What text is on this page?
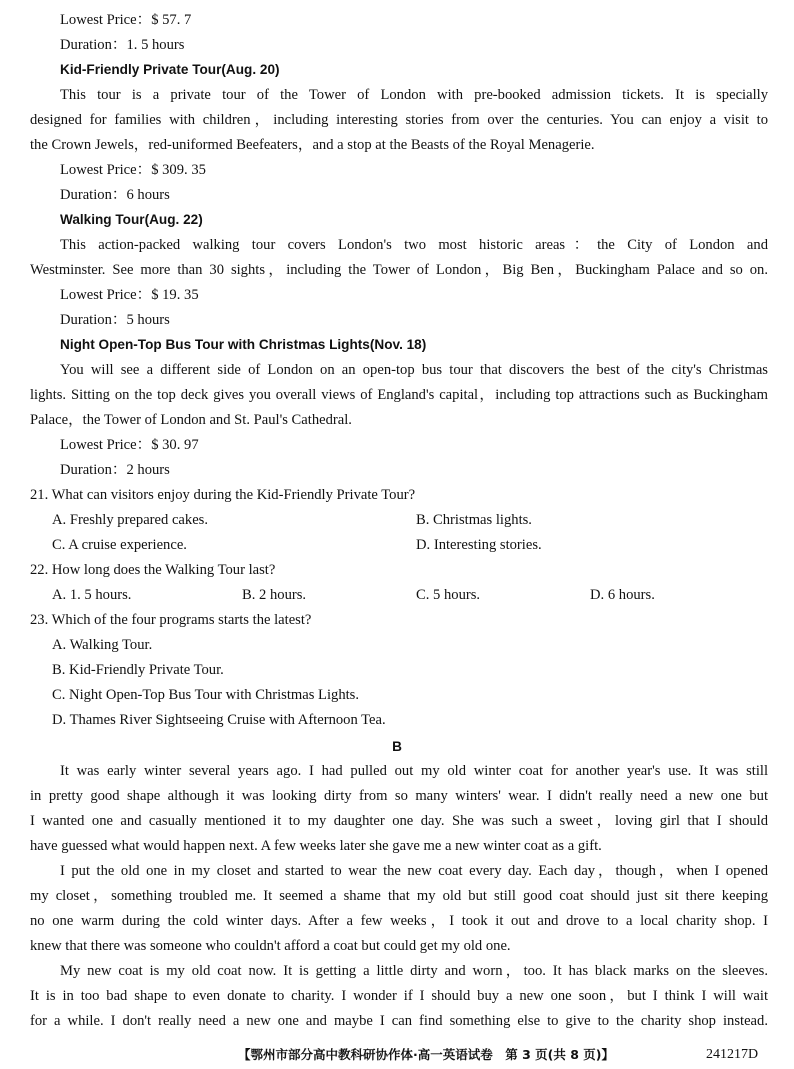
Lowest Price：$ 57. 7
Duration：1. 5 hours
Kid-Friendly Private Tour(Aug. 20)
This tour is a private tour of the Tower of London with pre-booked admission tickets. It is specially
designed for families with children，including interesting stories from over the centuries. You can enjoy a visit to
the Crown Jewels，red-uniformed Beefeaters，and a stop at the Beasts of the Royal Menagerie.
Lowest Price：$ 309. 35
Duration：6 hours
Walking Tour(Aug. 22)
This action-packed walking tour covers London's two most historic areas：the City of London and
Westminster. See more than 30 sights，including the Tower of London，Big Ben，Buckingham Palace and so on.
Lowest Price：$ 19. 35
Duration：5 hours
Night Open-Top Bus Tour with Christmas Lights(Nov. 18)
You will see a different side of London on an open-top bus tour that discovers the best of the city's Christmas
lights. Sitting on the top deck gives you overall views of England's capital，including top attractions such as Buckingham
Palace，the Tower of London and St. Paul's Cathedral.
Lowest Price：$ 30. 97
Duration：2 hours
21. What can visitors enjoy during the Kid-Friendly Private Tour?
A. Freshly prepared cakes.	B. Christmas lights.
C. A cruise experience.	D. Interesting stories.
22. How long does the Walking Tour last?
A. 1. 5 hours.	B. 2 hours.	C. 5 hours.	D. 6 hours.
23. Which of the four programs starts the latest?
A. Walking Tour.
B. Kid-Friendly Private Tour.
C. Night Open-Top Bus Tour with Christmas Lights.
D. Thames River Sightseeing Cruise with Afternoon Tea.
B
It was early winter several years ago. I had pulled out my old winter coat for another year's use. It was still
in pretty good shape although it was looking dirty from so many winters' wear. I didn't really need a new one but
I wanted one and casually mentioned it to my daughter one day. She was such a sweet，loving girl that I should
have guessed what would happen next. A few weeks later she gave me a new winter coat as a gift.
I put the old one in my closet and started to wear the new coat every day. Each day，though，when I opened
my closet，something troubled me. It seemed a shame that my old but still good coat should just sit there keeping
no one warm during the cold winter days. After a few weeks，I took it out and drove to a local charity shop. I
knew that there was someone who couldn't afford a coat but could get my old one.
My new coat is my old coat now. It is getting a little dirty and worn，too. It has black marks on the sleeves.
It is in too bad shape to even donate to charity. I wonder if I should buy a new one soon，but I think I will wait
for a while. I don't really need a new one and maybe I can find something else to give to the charity shop instead.
【鄂州市部分高中教科研协作体·高一英语试卷　第 3 页(共 8 页)】	241217D
